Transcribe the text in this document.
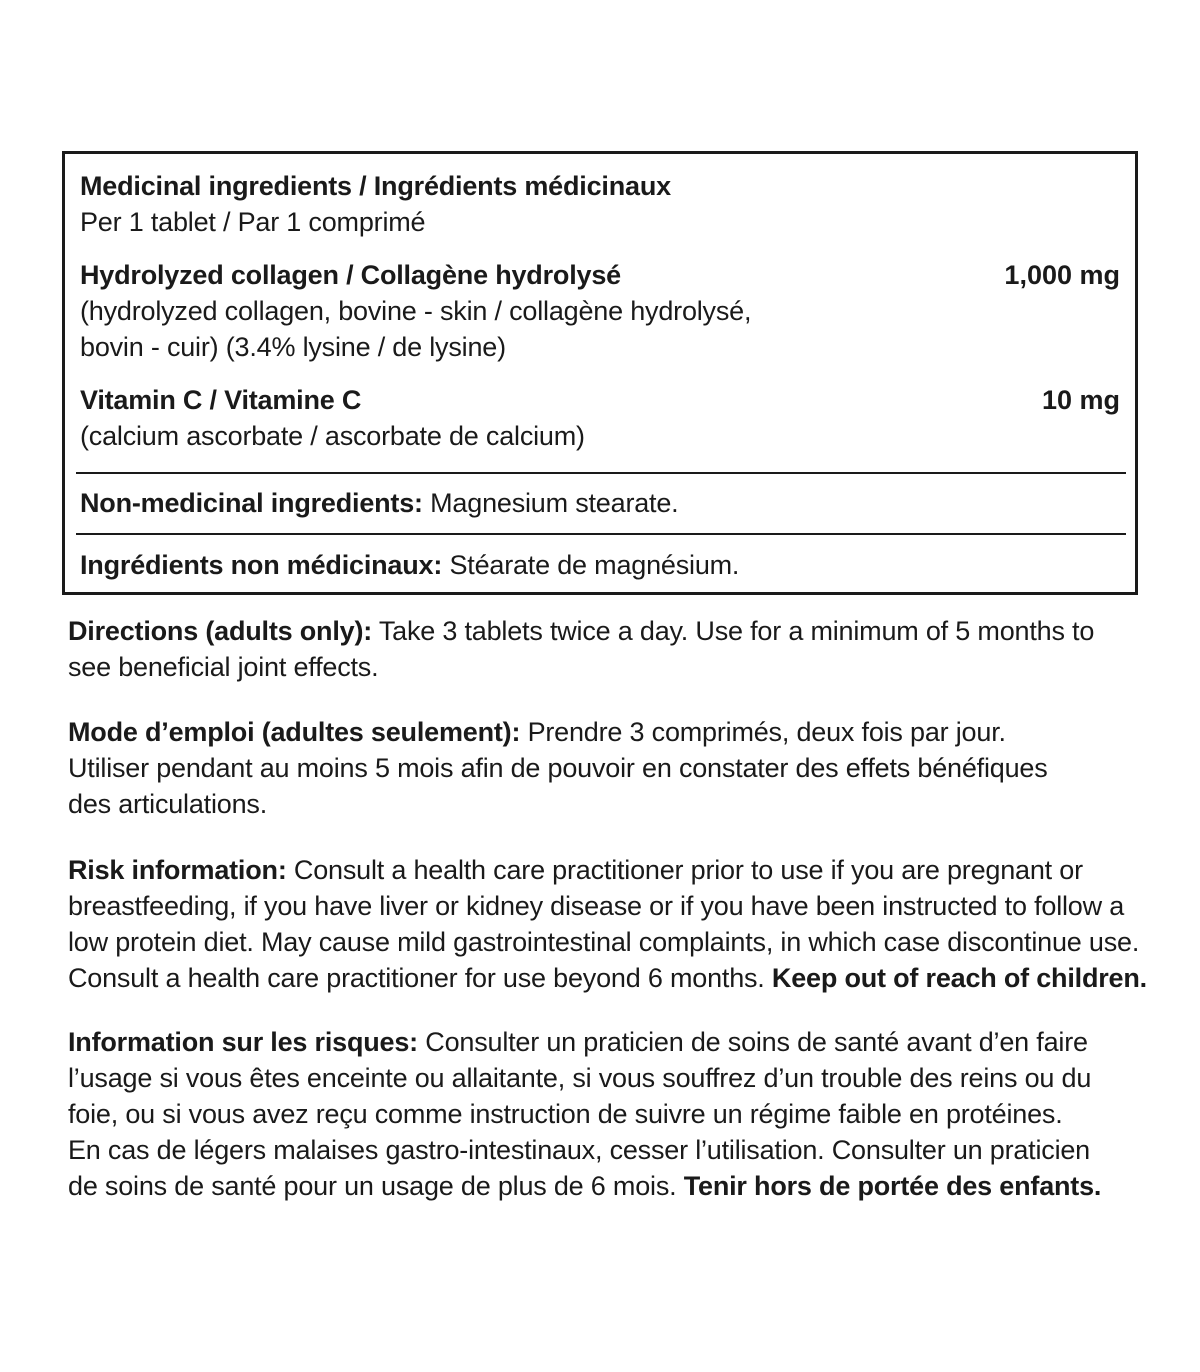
Medicinal ingredients / Ingrédients médicinaux
Per 1 tablet / Par 1 comprimé
Hydrolyzed collagen / Collagène hydrolysé	1,000 mg
(hydrolyzed collagen, bovine - skin / collagène hydrolysé,
bovin - cuir) (3.4% lysine / de lysine)
Vitamin C / Vitamine C	10 mg
(calcium ascorbate / ascorbate de calcium)
Non-medicinal ingredients: Magnesium stearate.
Ingrédients non médicinaux: Stéarate de magnésium.
Directions (adults only): Take 3 tablets twice a day. Use for a minimum of 5 months to
see beneficial joint effects.
Mode d’emploi (adultes seulement): Prendre 3 comprimés, deux fois par jour.
Utiliser pendant au moins 5 mois afin de pouvoir en constater des effets bénéfiques
des articulations.
Risk information: Consult a health care practitioner prior to use if you are pregnant or
breastfeeding, if you have liver or kidney disease or if you have been instructed to follow a
low protein diet. May cause mild gastrointestinal complaints, in which case discontinue use.
Consult a health care practitioner for use beyond 6 months. Keep out of reach of children.
Information sur les risques: Consulter un praticien de soins de santé avant d’en faire
l’usage si vous êtes enceinte ou allaitante, si vous souffrez d’un trouble des reins ou du
foie, ou si vous avez reçu comme instruction de suivre un régime faible en protéines.
En cas de légers malaises gastro-intestinaux, cesser l’utilisation. Consulter un praticien
de soins de santé pour un usage de plus de 6 mois. Tenir hors de portée des enfants.
